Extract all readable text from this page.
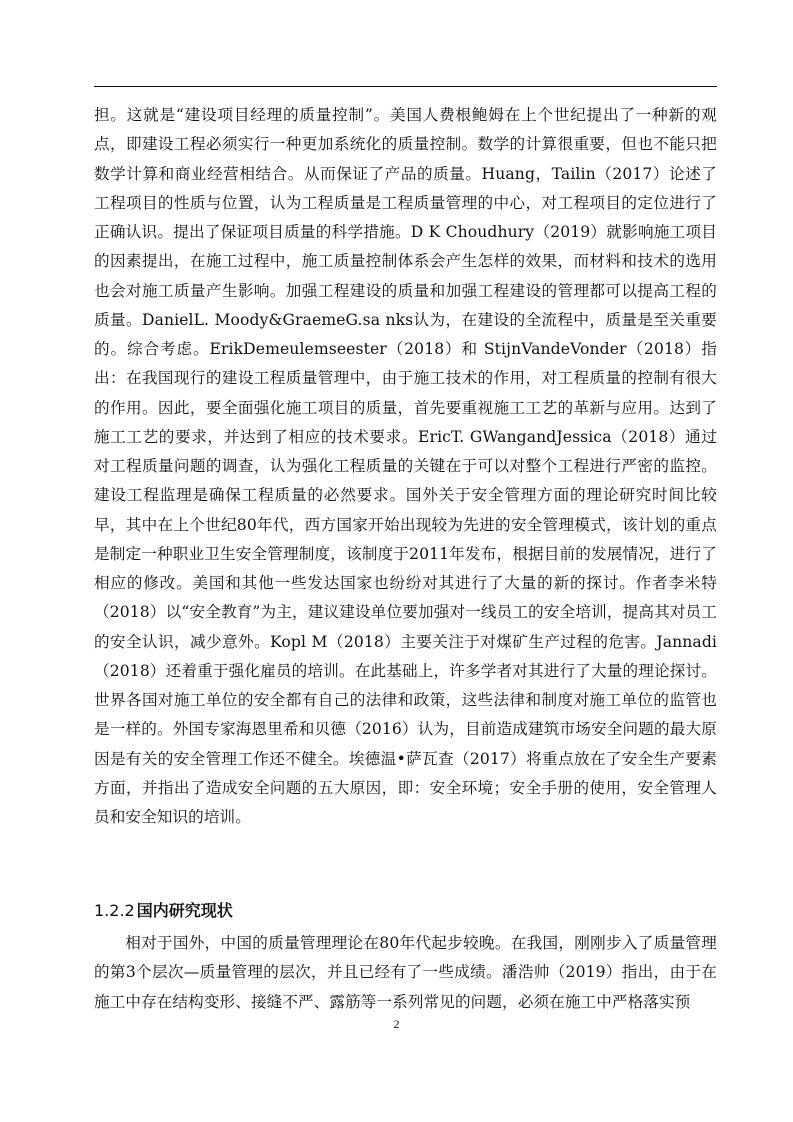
担。这就是“建设项目经理的质量控制”。美国人费根鲍姆在上个世纪提出了一种新的观点，即建设工程必须实行一种更加系统化的质量控制。数学的计算很重要，但也不能只把数学计算和商业经营相结合。从而保证了产品的质量。Huang，Tailin（2017）论述了工程项目的性质与位置，认为工程质量是工程质量管理的中心，对工程项目的定位进行了正确认识。提出了保证项目质量的科学措施。D K Choudhury（2019）就影响施工项目的因素提出，在施工过程中，施工质量控制体系会产生怎样的效果，而材料和技术的选用也会对施工质量产生影响。加强工程建设的质量和加强工程建设的管理都可以提高工程的质量。DanielL. Moody&GraemeG.sa nks认为，在建设的全流程中，质量是至关重要的。综合考虑。ErikDemeulemseester（2018）和 StijnVandeVonder（2018）指出：在我国现行的建设工程质量管理中，由于施工技术的作用，对工程质量的控制有很大的作用。因此，要全面强化施工项目的质量，首先要重视施工工艺的革新与应用。达到了施工工艺的要求，并达到了相应的技术要求。EricT. GWangandJessica（2018）通过对工程质量问题的调查，认为强化工程质量的关键在于可以对整个工程进行严密的监控。建设工程监理是确保工程质量的必然要求。国外关于安全管理方面的理论研究时间比较早，其中在上个世纪80年代，西方国家开始出现较为先进的安全管理模式，该计划的重点是制定一种职业卫生安全管理制度，该制度于2011年发布，根据目前的发展情况，进行了相应的修改。美国和其他一些发达国家也纷纷对其进行了大量的新的探讨。作者李米特（2018）以“安全教育”为主，建议建设单位要加强对一线员工的安全培训，提高其对员工的安全认识，减少意外。Kopl M（2018）主要关注于对煤矿生产过程的危害。Jannadi（2018）还着重于强化雇员的培训。在此基础上，许多学者对其进行了大量的理论探讨。世界各国对施工单位的安全都有自己的法律和政策，这些法律和制度对施工单位的监管也是一样的。外国专家海恩里希和贝德（2016）认为，目前造成建筑市场安全问题的最大原因是有关的安全管理工作还不健全。埃德温•萨瓦查（2017）将重点放在了安全生产要素方面，并指出了造成安全问题的五大原因，即：安全环境；安全手册的使用，安全管理人员和安全知识的培训。

1.2.2 国内研究现状

相对于国外，中国的质量管理理论在80年代起步较晚。在我国，刚刚步入了质量管理的第3个层次—质量管理的层次，并且已经有了一些成绩。潘浩帅（2019）指出，由于在施工中存在结构变形、接缝不严、露筋等一系列常见的问题，必须在施工中严格落实预

2
